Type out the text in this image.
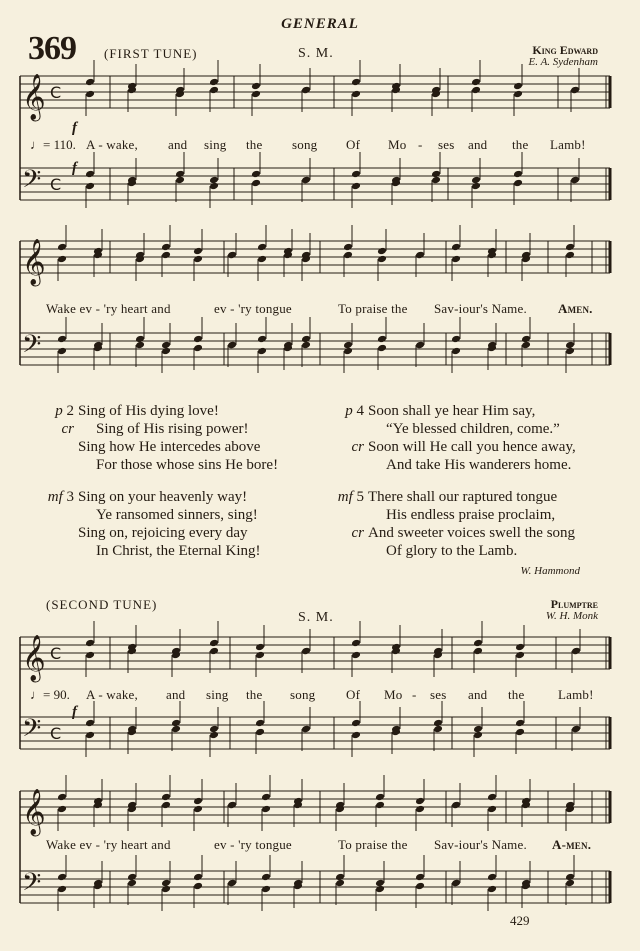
GENERAL
369 (FIRST TUNE)	S. M.	King Edward
E. A. Sydenham
𝄞
𝄢
C
C
𝄞
𝄢
𝄞
𝄢
C
C
𝄞
𝄢
f
♩= 110.
f
A - wake, and sing the song Of Mo - ses and the Lamb!
Wake ev - 'ry heart and	ev - 'ry tongue	To praise the Sav-iour's Name. Amen.
p 2 Sing of His dying love!
cr Sing of His rising power!
Sing how He intercedes above
For those whose sins He bore!
mf 3 Sing on your heavenly way!
Ye ransomed sinners, sing!
Sing on, rejoicing every day
In Christ, the Eternal King!
p 4 Soon shall ye hear Him say,
“Ye blessed children, come.”
cr Soon will He call you hence away,
And take His wanderers home.
mf 5 There shall our raptured tongue
His endless praise proclaim,
cr And sweeter voices swell the song
Of glory to the Lamb.
W. Hammond
(SECOND TUNE)
S. M.
Plumptre
W. H. Monk
♩= 90.
f
A - wake, and sing the song Of Mo - ses and the	Lamb!
Wake ev - 'ry heart and	ev - 'ry tongue	To praise the Sav-iour's Name. A-men.
429
